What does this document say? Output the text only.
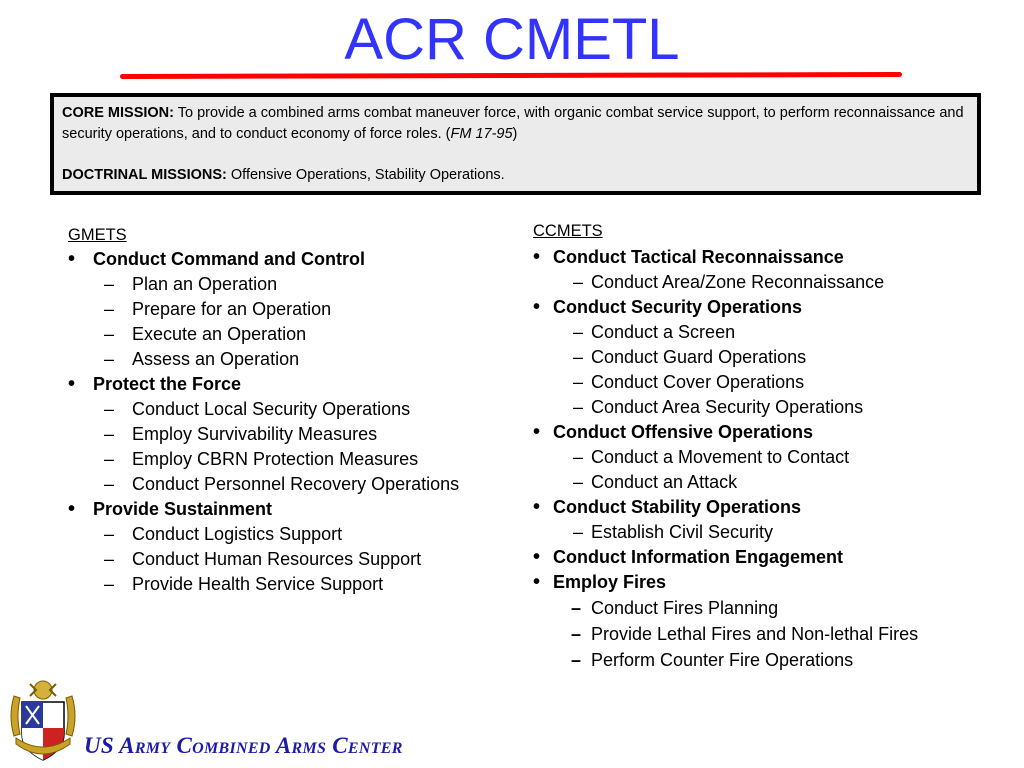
ACR CMETL

CORE MISSION: To provide a combined arms combat maneuver force, with organic combat service support, to perform reconnaissance and security operations, and to conduct economy of force roles. (FM 17-95)

DOCTRINAL MISSIONS: Offensive Operations, Stability Operations.

GMETS
• Conduct Command and Control
– Plan an Operation
– Prepare for an Operation
– Execute an Operation
– Assess an Operation
• Protect the Force
– Conduct Local Security Operations
– Employ Survivability Measures
– Employ CBRN Protection Measures
– Conduct Personnel Recovery Operations
• Provide Sustainment
– Conduct Logistics Support
– Conduct Human Resources Support
– Provide Health Service Support
CCMETS
• Conduct Tactical Reconnaissance
– Conduct Area/Zone Reconnaissance
• Conduct Security Operations
– Conduct a Screen
– Conduct Guard Operations
– Conduct Cover Operations
– Conduct Area Security Operations
• Conduct Offensive Operations
– Conduct a Movement to Contact
– Conduct an Attack
• Conduct Stability Operations
– Establish Civil Security
• Conduct Information Engagement
• Employ Fires
– Conduct Fires Planning
– Provide Lethal Fires and Non-lethal Fires
– Perform Counter Fire Operations
US Army Combined Arms Center
